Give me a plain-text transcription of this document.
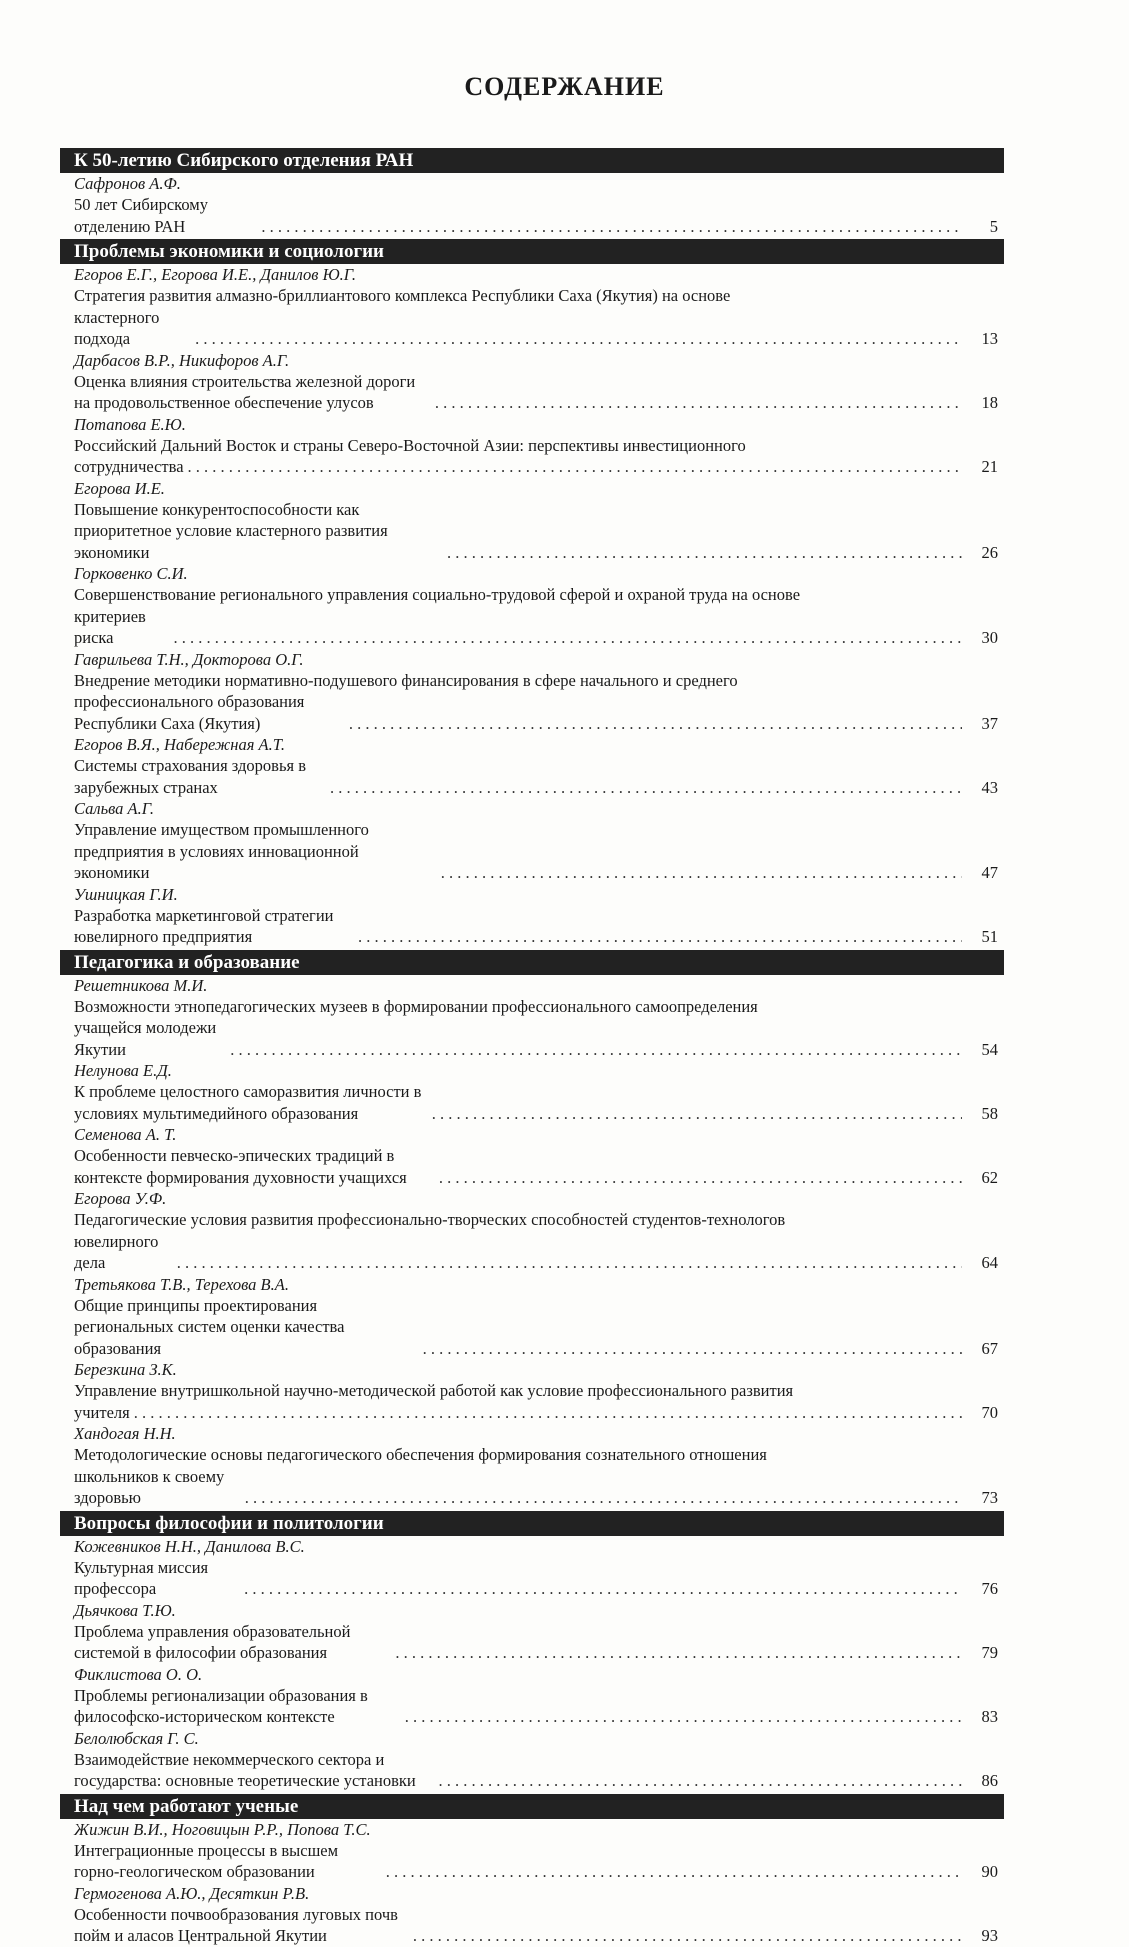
СОДЕРЖАНИЕ
К 50-летию Сибирского отделения РАН
Сафронов А.Ф.
50 лет Сибирскому отделению РАН . . .	5
Проблемы экономики и социологии
Егоров Е.Г., Егорова И.Е., Данилов Ю.Г.
Стратегия развития алмазно-бриллиантового комплекса Республики Саха (Якутия) на основе
кластерного подхода . . .	13
Дарбасов В.Р., Никифоров А.Г.
Оценка влияния строительства железной дороги на продовольственное обеспечение улусов . . .	18
Потапова Е.Ю.
Российский Дальний Восток и страны Северо-Восточной Азии: перспективы инвестиционного
сотрудничества . . .	21
Егорова И.Е.
Повышение конкурентоспособности как приоритетное условие кластерного развития экономики . . .	26
Горковенко С.И.
Совершенствование регионального управления социально-трудовой сферой и охраной труда на основе
критериев риска . . .	30
Гаврильева Т.Н., Докторова О.Г.
Внедрение методики нормативно-подушевого финансирования в сфере начального и среднего
профессионального образования Республики Саха (Якутия) . . .	37
Егоров В.Я., Набережная А.Т.
Системы страхования здоровья в зарубежных странах . . .	43
Сальва А.Г.
Управление имуществом промышленного предприятия в условиях инновационной экономики . . .	47
Ушницкая Г.И.
Разработка маркетинговой стратегии ювелирного предприятия . . .	51
Педагогика и образование
Решетникова М.И.
Возможности этнопедагогических музеев в формировании профессионального самоопределения
учащейся молодежи Якутии . . .	54
Нелунова Е.Д.
К проблеме целостного саморазвития личности в условиях мультимедийного образования . . .	58
Семенова А. Т.
Особенности певческо-эпических традиций в контексте формирования духовности учащихся . . .	62
Егорова У.Ф.
Педагогические условия развития профессионально-творческих способностей студентов-технологов
ювелирного дела . . .	64
Третьякова Т.В., Терехова В.А.
Общие принципы проектирования региональных систем оценки качества образования . . .	67
Березкина З.К.
Управление внутришкольной научно-методической работой как условие профессионального развития
учителя . . .	70
Хандогая Н.Н.
Методологические основы педагогического обеспечения формирования сознательного отношения
школьников к своему здоровью . . .	73
Вопросы философии и политологии
Кожевников Н.Н., Данилова В.С.
Культурная миссия профессора . . .	76
Дьячкова Т.Ю.
Проблема управления образовательной системой в философии образования . . .	79
Фиклистова О. О.
Проблемы регионализации образования в философско-историческом контексте . . .	83
Белолюбская Г. С.
Взаимодействие некоммерческого сектора и государства: основные теоретические установки . . .	86
Над чем работают ученые
Жижин В.И., Ноговицын Р.Р., Попова Т.С.
Интеграционные процессы в высшем горно-геологическом образовании . . .	90
Гермогенова А.Ю., Десяткин Р.В.
Особенности почвообразования луговых почв пойм и аласов Центральной Якутии . . .	93
